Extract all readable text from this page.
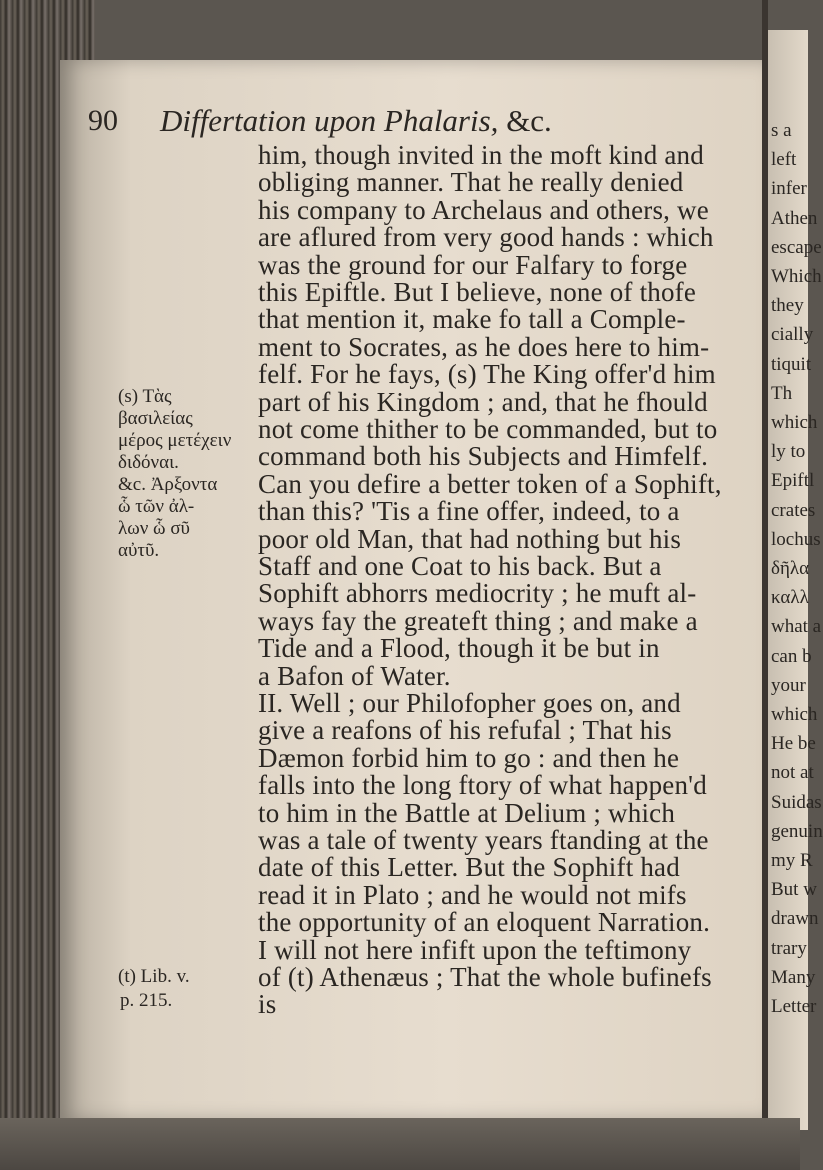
90 Differtation upon Phalaris, &c.
him, though invited in the moft kind and
obliging manner. That he really denied
his company to Archelaus and others, we
are aflured from very good hands : which
was the ground for our Falfary to forge
this Epiftle. But I believe, none of thofe
that mention it, make fo tall a Comple-
ment to Socrates, as he does here to him-
felf. For he fays, (s) The King offer'd him
part of his Kingdom ; and, that he fhould
not come thither to be commanded, but to
command both his Subjects and Himfelf.
Can you defire a better token of a Sophift,
than this? 'Tis a fine offer, indeed, to a
poor old Man, that had nothing but his
Staff and one Coat to his back. But a
Sophift abhorrs mediocrity ; he muft al-
ways fay the greateft thing ; and make a
Tide and a Flood, though it be but in
a Bafon of Water.
II. Well ; our Philofopher goes on, and
give a reafons of his refufal ; That his
Dæmon forbid him to go : and then he
falls into the long ftory of what happen'd
to him in the Battle at Delium ; which
was a tale of twenty years ftanding at the
date of this Letter. But the Sophift had
read it in Plato ; and he would not mifs
the opportunity of an eloquent Narration.
I will not here infift upon the teftimony
of (t) Athenæus ; That the whole bufinefs
is
(s) Tὰς
βασιλείας
μέρος μετέχειν
διδόναι.
&c. Ἀρξοντα
ὧ τῶν ἀλ-
λων ὧ σῦ
αὐτῦ.
(t) Lib. v.
p. 215.
s a
left
infer
Athen
escape
Which
they
cially
tiquit
Th
which
ly to
Epiftl
crates
lochus
δῆλα
καλλ
what a
can b
your
which
He be
not at
Suidas
genuin
my R
But w
drawn
trary
Many
Letter
